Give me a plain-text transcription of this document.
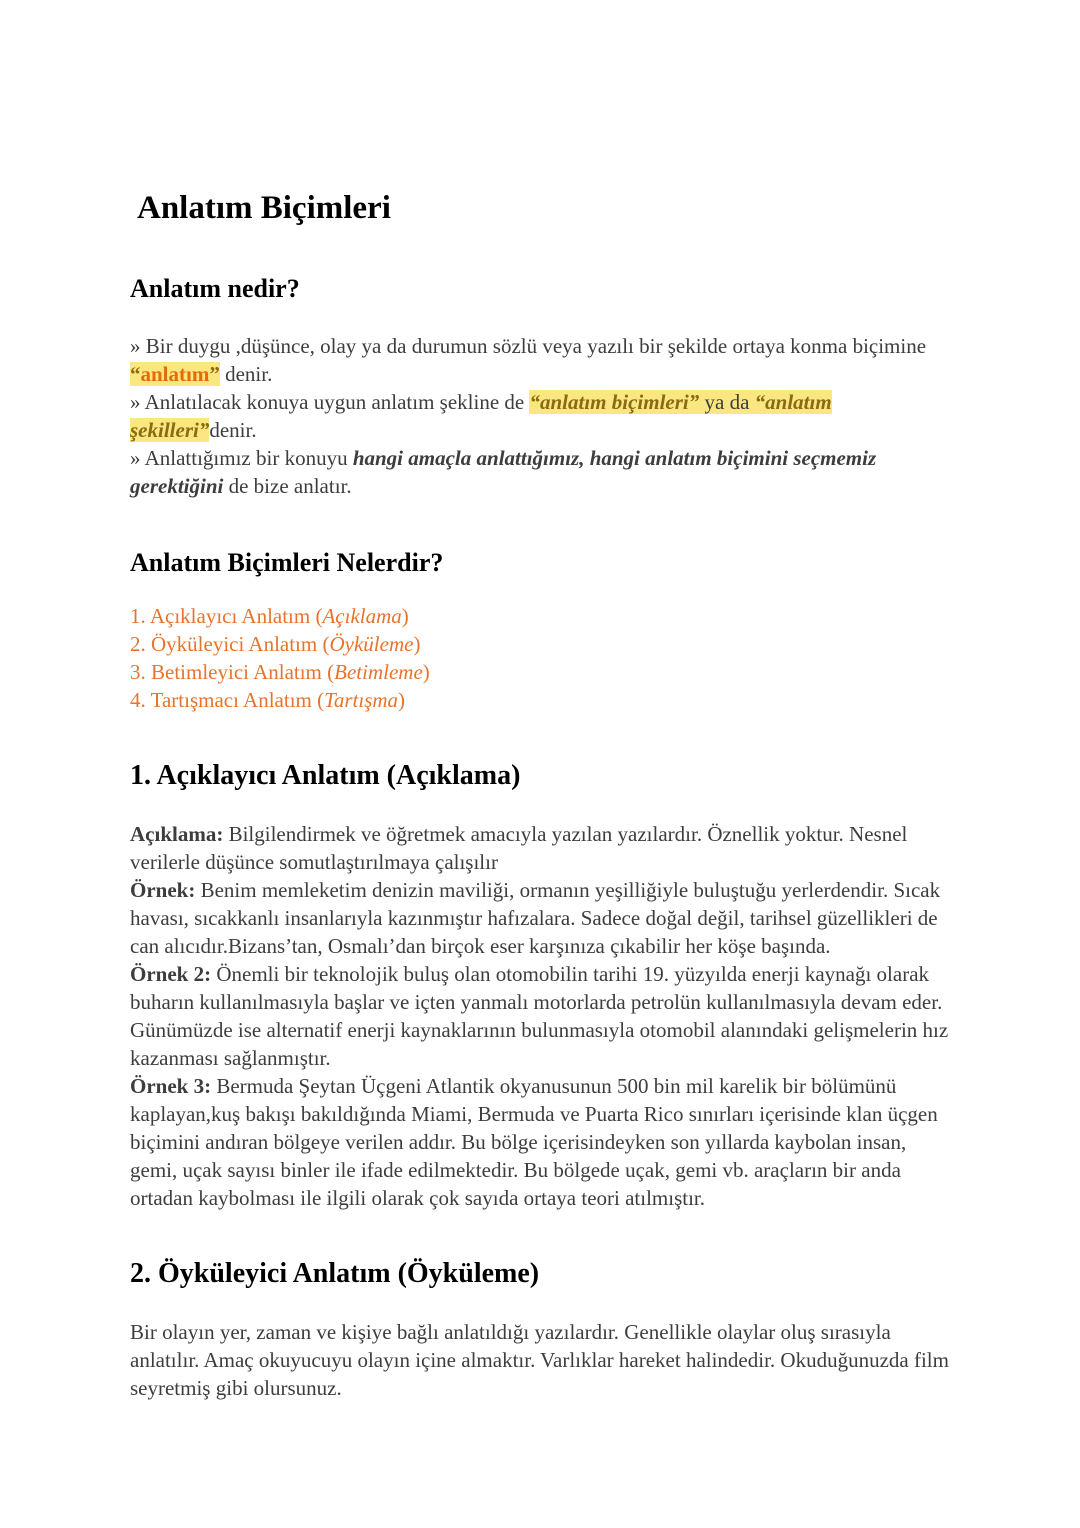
Anlatım Biçimleri
Anlatım nedir?

» Bir duygu ,düşünce, olay ya da durumun sözlü veya yazılı bir şekilde ortaya konma biçimine “anlatım” denir.

» Anlatılacak konuya uygun anlatım şekline de “anlatım biçimleri” ya da “anlatım şekilleri”denir.

» Anlattığımız bir konuyu hangi amaçla anlattığımız, hangi anlatım biçimini seçmemiz gerektiğini de bize anlatır.

Anlatım Biçimleri Nelerdir?

1. Açıklayıcı Anlatım (Açıklama)

2. Öyküleyici Anlatım (Öyküleme)

3. Betimleyici Anlatım (Betimleme)

4. Tartışmacı Anlatım (Tartışma)

1. Açıklayıcı Anlatım (Açıklama)

Açıklama: Bilgilendirmek ve öğretmek amacıyla yazılan yazılardır. Öznellik yoktur. Nesnel verilerle düşünce somutlaştırılmaya çalışılır

Örnek: Benim memleketim denizin maviliği, ormanın yeşilliğiyle buluştuğu yerlerdendir. Sıcak havası, sıcakkanlı insanlarıyla kazınmıştır hafızalara. Sadece doğal değil, tarihsel güzellikleri de can alıcıdır.Bizans’tan, Osmalı’dan birçok eser karşınıza çıkabilir her köşe başında.

Örnek 2: Önemli bir teknolojik buluş olan otomobilin tarihi 19. yüzyılda enerji kaynağı olarak buharın kullanılmasıyla başlar ve içten yanmalı motorlarda petrolün kullanılmasıyla devam eder. Günümüzde ise alternatif enerji kaynaklarının bulunmasıyla otomobil alanındaki gelişmelerin hız kazanması sağlanmıştır.

Örnek 3: Bermuda Şeytan Üçgeni Atlantik okyanusunun 500 bin mil karelik bir bölümünü kaplayan,kuş bakışı bakıldığında Miami, Bermuda ve Puarta Rico sınırları içerisinde klan üçgen biçimini andıran bölgeye verilen addır. Bu bölge içerisindeyken son yıllarda kaybolan insan, gemi, uçak sayısı binler ile ifade edilmektedir. Bu bölgede uçak, gemi vb. araçların bir anda ortadan kaybolması ile ilgili olarak çok sayıda ortaya teori atılmıştır.

2. Öyküleyici Anlatım (Öyküleme)

Bir olayın yer, zaman ve kişiye bağlı anlatıldığı yazılardır. Genellikle olaylar oluş sırasıyla anlatılır. Amaç okuyucuyu olayın içine almaktır. Varlıklar hareket halindedir. Okuduğunuzda film seyretmiş gibi olursunuz.
